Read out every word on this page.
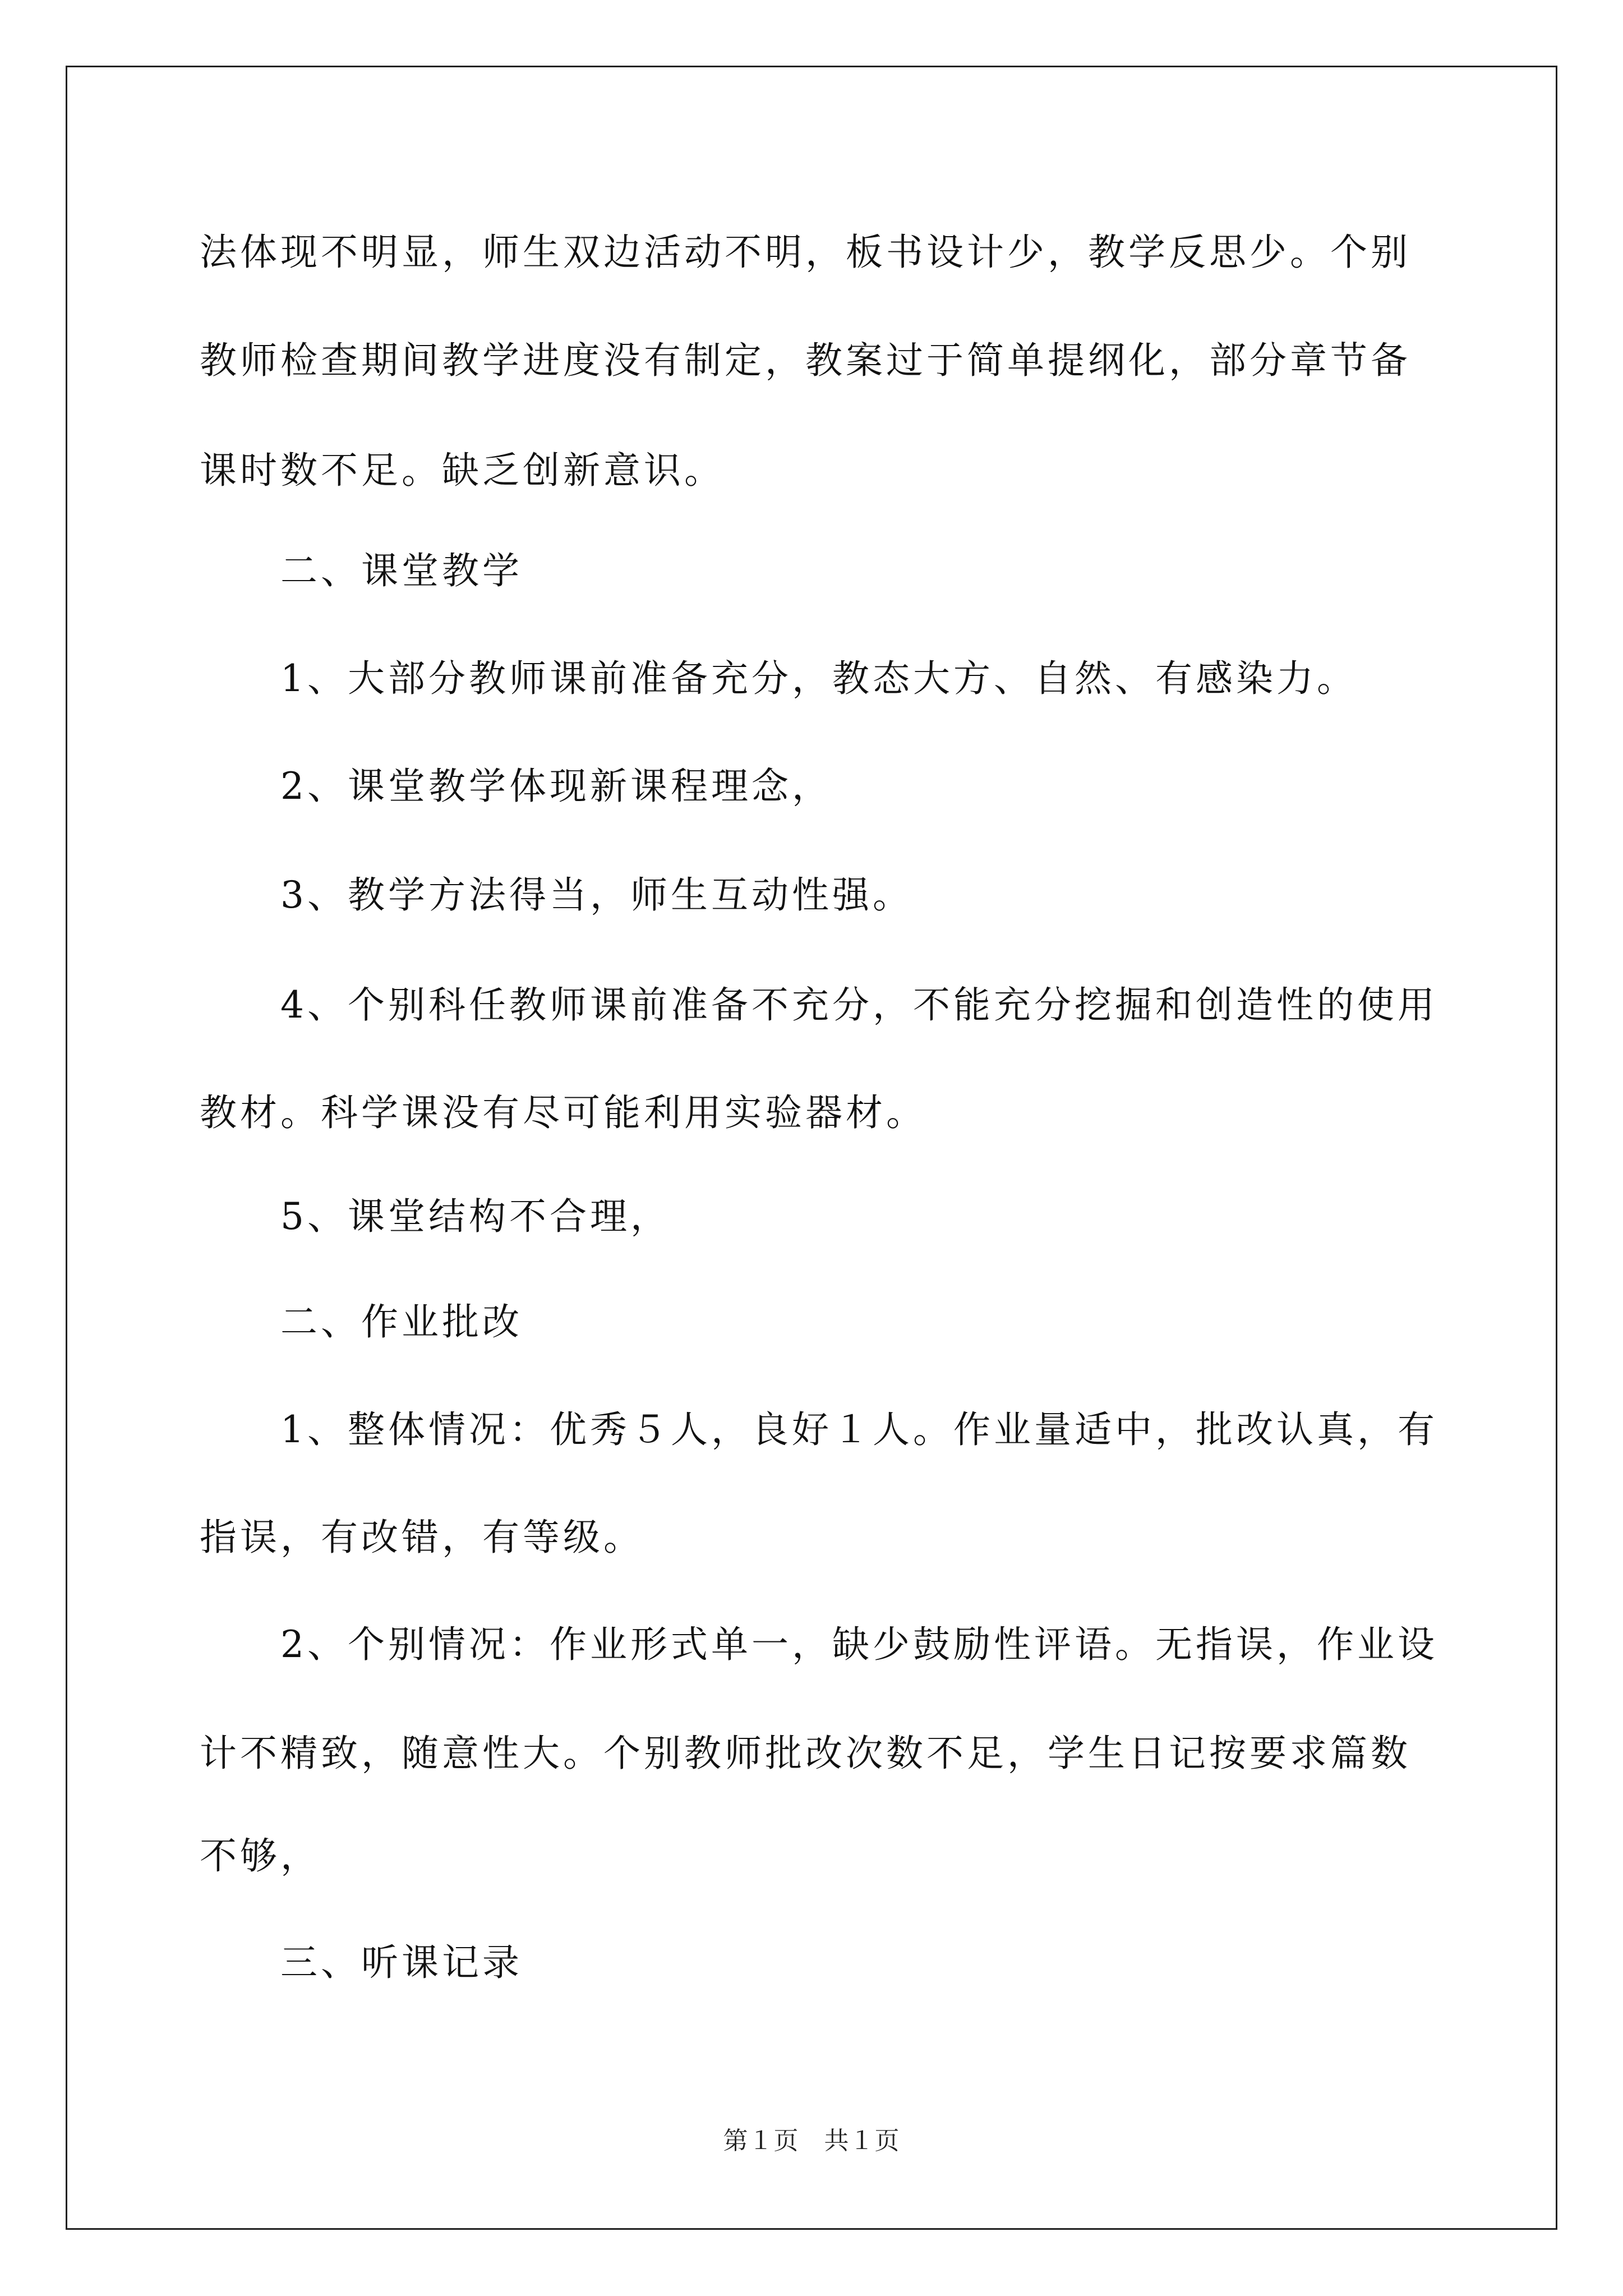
法体现不明显，师生双边活动不明，板书设计少，教学反思少。个别
教师检查期间教学进度没有制定，教案过于简单提纲化，部分章节备
课时数不足。缺乏创新意识。
　　二、课堂教学
　　1、大部分教师课前准备充分，教态大方、自然、有感染力。
　　2、课堂教学体现新课程理念，
　　3、教学方法得当，师生互动性强。
　　4、个别科任教师课前准备不充分，不能充分挖掘和创造性的使用
教材。科学课没有尽可能利用实验器材。
　　5、课堂结构不合理，
　　二、作业批改
　　1、整体情况：优秀５人，良好１人。作业量适中，批改认真，有
指误，有改错，有等级。
　　2、个别情况：作业形式单一，缺少鼓励性评语。无指误，作业设
计不精致，随意性大。个别教师批改次数不足，学生日记按要求篇数
不够，
　　三、听课记录
第１页　共１页
